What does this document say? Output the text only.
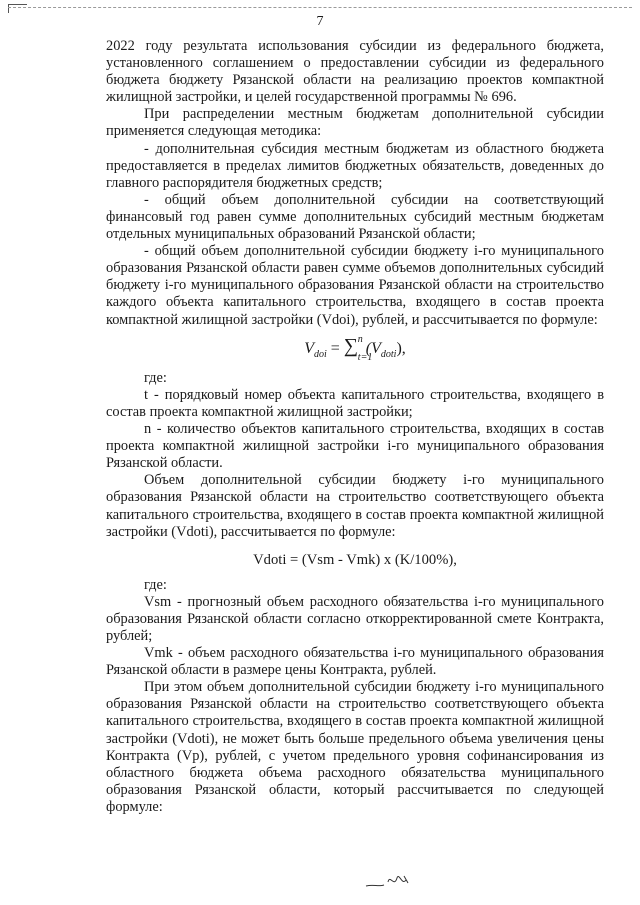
7

2022 году результата использования субсидии из федерального бюджета, установленного соглашением о предоставлении субсидии из федерального бюджета бюджету Рязанской области на реализацию проектов компактной жилищной застройки, и целей государственной программы № 696.

При распределении местным бюджетам дополнительной субсидии применяется следующая методика:

- дополнительная субсидия местным бюджетам из областного бюджета предоставляется в пределах лимитов бюджетных обязательств, доведенных до главного распорядителя бюджетных средств;

- общий объем дополнительной субсидии на соответствующий финансовый год равен сумме дополнительных субсидий местным бюджетам отдельных муниципальных образований Рязанской области;

- общий объем дополнительной субсидии бюджету i-го муниципального образования Рязанской области равен сумме объемов дополнительных субсидий бюджету i-го муниципального образования Рязанской области на строительство каждого объекта капитального строительства, входящего в состав проекта компактной жилищной застройки (Vdoi), рублей, и рассчитывается по формуле:

$V_{doi}$ = ∑ n
t=1
$(V_{doti})$,

где:

t - порядковый номер объекта капитального строительства, входящего в состав проекта компактной жилищной застройки;

n - количество объектов капитального строительства, входящих в состав проекта компактной жилищной застройки i-го муниципального образования Рязанской области.

Объем дополнительной субсидии бюджету i-го муниципального образования Рязанской области на строительство соответствующего объекта капитального строительства, входящего в состав проекта компактной жилищной застройки (Vdoti), рассчитывается по формуле:

Vdoti = (Vsm - Vmk) x (K/100%),

где:

Vsm - прогнозный объем расходного обязательства i-го муниципального образования Рязанской области согласно откорректированной смете Контракта, рублей;

Vmk - объем расходного обязательства i-го муниципального образования Рязанской области в размере цены Контракта, рублей.

При этом объем дополнительной субсидии бюджету i-го муниципального образования Рязанской области на строительство соответствующего объекта капитального строительства, входящего в состав проекта компактной жилищной застройки (Vdoti), не может быть больше предельного объема увеличения цены Контракта (Vp), рублей, с учетом предельного уровня софинансирования из областного бюджета объема расходного обязательства муниципального образования Рязанской области, который рассчитывается по следующей формуле:
